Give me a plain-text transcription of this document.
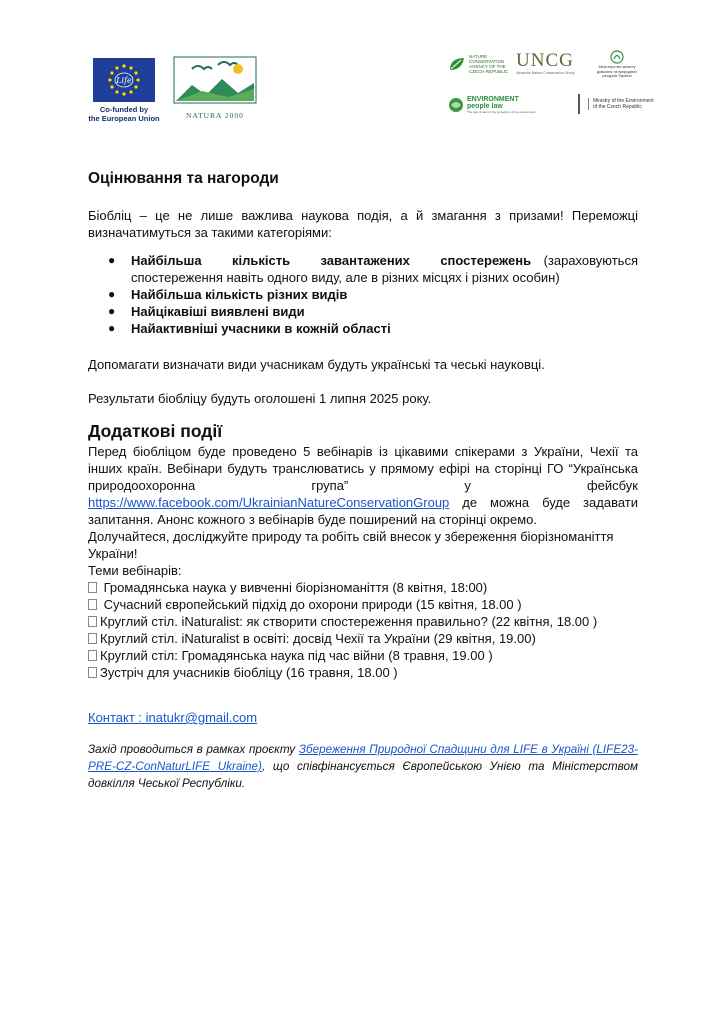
Life
Co-funded by
the European Union	NATURA 2000
NATURE CONSERVATION AGENCY OF THE CZECH REPUBLIC
UNCG
Ukrainian Nature Conservation Group
Міністерство захисту довкілля та природних ресурсів України
ENVIRONMENT
people law
The rule of law for the protection of the environment
Ministry of the Environment
of the Czech Republic
Оцінювання та нагороди
Біобліц – це не лише важлива наукова подія, а й змагання з призами! Переможці визначатимуться за такими категоріями:
● Найбільша кількість завантажених спостережень (зараховуються спостереження навіть одного виду, але в різних місцях і різних особин)
● Найбільша кількість різних видів
● Найцікавіші виявлені види
● Найактивніші учасники в кожній області
Допомагати визначати види учасникам будуть українські та чеські науковці.
Результати біобліцу будуть оголошені 1 липня 2025 року.
Додаткові події
Перед біобліцом буде проведено 5 вебінарів із цікавими спікерами з України, Чехії та інших країн. Вебінари будуть транслюватись у прямому ефірі на сторінці ГО “Українська природоохоронна група” у фейсбук https://www.facebook.com/UkrainianNatureConservationGroup де можна буде задавати запитання. Анонс кожного з вебінарів буде поширений на сторінці окремо.
Долучайтеся, досліджуйте природу та робіть свій внесок у збереження біорізноманіття України!
Теми вебінарів:
Громадянська наука у вивченні біорізноманіття (8 квітня, 18:00)
Сучасний європейський підхід до охорони природи (15 квітня, 18.00 )
Круглий стіл. iNaturalist: як створити спостереження правильно? (22 квітня, 18.00 )
Круглий стіл. iNaturalist в освіті: досвід Чехії та України (29 квітня, 19.00)
Круглий стіл: Громадянська наука під час війни (8 травня, 19.00 )
Зустріч для учасників біобліцу (16 травня, 18.00 )
Контакт : inatukr@gmail.com
Захід проводиться в рамках проєкту Збереження Природної Спадщини для LIFE в Україні (LIFE23-PRE-CZ-ConNaturLIFE Ukraine), що співфінансується Європейською Унією та Міністерством довкілля Чеської Республіки.
